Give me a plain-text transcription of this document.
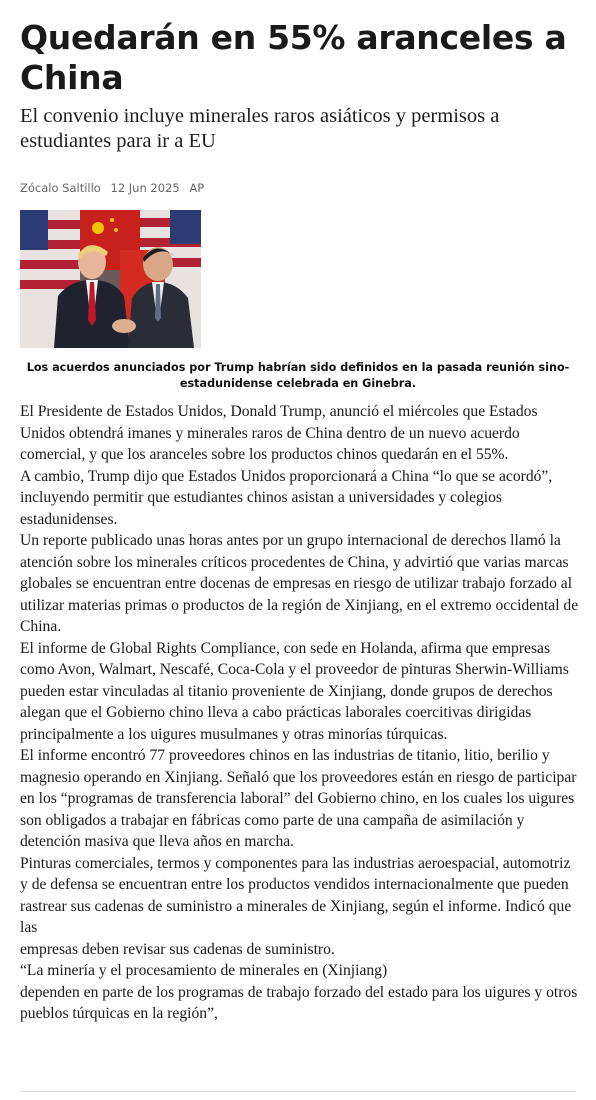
Quedarán en 55% aranceles a China
El convenio incluye minerales raros asiáticos y permisos a estudiantes para ir a EU
Zócalo Saltillo 12 Jun 2025 AP
Los acuerdos anunciados por Trump habrían sido definidos en la pasada reunión sino-estadunidense celebrada en Ginebra.

El Presidente de Estados Unidos, Donald Trump, anunció el miércoles que Estados Unidos obtendrá imanes y minerales raros de China dentro de un nuevo acuerdo comercial, y que los aranceles sobre los productos chinos quedarán en el 55%.

A cambio, Trump dijo que Estados Unidos proporcionará a China “lo que se acordó”, incluyendo permitir que estudiantes chinos asistan a universidades y colegios estadunidenses.

Un reporte publicado unas horas antes por un grupo internacional de derechos llamó la atención sobre los minerales críticos procedentes de China, y advirtió que varias marcas globales se encuentran entre docenas de empresas en riesgo de utilizar trabajo forzado al utilizar materias primas o productos de la región de Xinjiang, en el extremo occidental de China.

El informe de Global Rights Compliance, con sede en Holanda, afirma que empresas como Avon, Walmart, Nescafé, Coca-Cola y el proveedor de pinturas Sherwin-Williams pueden estar vinculadas al titanio proveniente de Xinjiang, donde grupos de derechos alegan que el Gobierno chino lleva a cabo prácticas laborales coercitivas dirigidas principalmente a los uigures musulmanes y otras minorías túrquicas.

El informe encontró 77 proveedores chinos en las industrias de titanio, litio, berilio y magnesio operando en Xinjiang. Señaló que los proveedores están en riesgo de participar en los “programas de transferencia laboral” del Gobierno chino, en los cuales los uigures son obligados a trabajar en fábricas como parte de una campaña de asimilación y detención masiva que lleva años en marcha.

Pinturas comerciales, termos y componentes para las industrias aeroespacial, automotriz y de defensa se encuentran entre los productos vendidos internacionalmente que pueden rastrear sus cadenas de suministro a minerales de Xinjiang, según el informe. Indicó que las

empresas deben revisar sus cadenas de suministro.

“La minería y el procesamiento de minerales en (Xinjiang)

dependen en parte de los programas de trabajo forzado del estado para los uigures y otros pueblos túrquicas en la región”,
